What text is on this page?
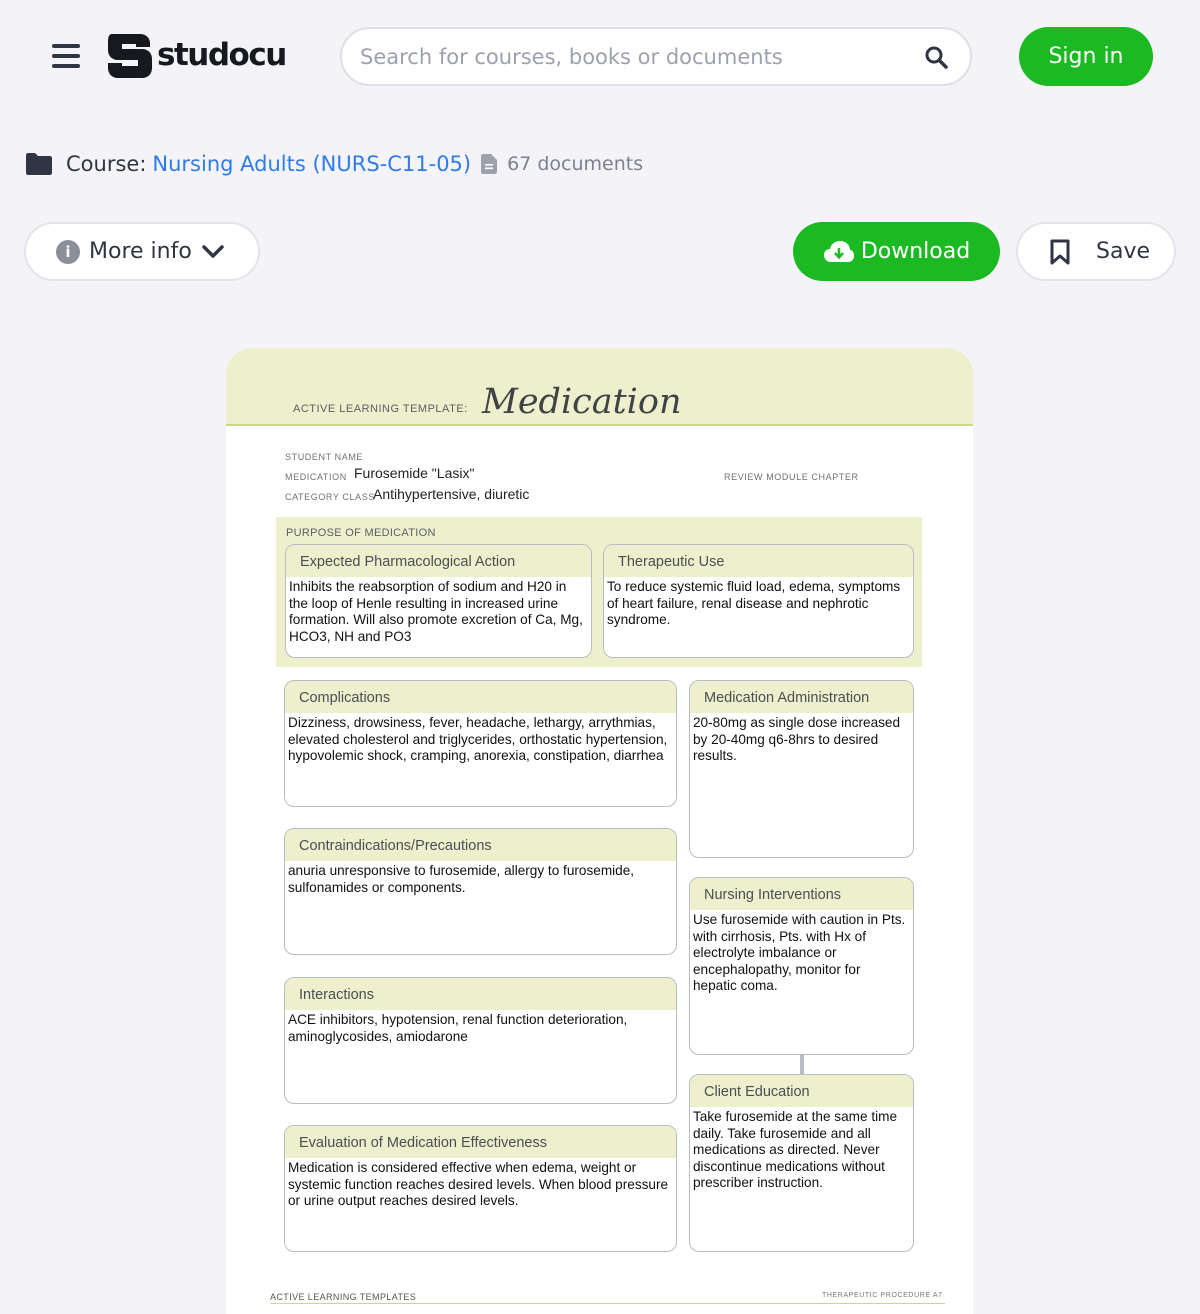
studocu
Search for courses, books or documents	Sign in
Course: Nursing Adults (NURS-C11-05) 67 documents
i More info	Download	Save
ACTIVE LEARNING TEMPLATE: Medication
STUDENT NAME
MEDICATION Furosemide "Lasix"
CATEGORY CLASS
Antihypertensive, diuretic
REVIEW MODULE CHAPTER
PURPOSE OF MEDICATION
Expected Pharmacological Action
Inhibits the reabsorption of sodium and H20 in the loop of Henle resulting in increased urine formation. Will also promote excretion of Ca, Mg, HCO3, NH and PO3
Therapeutic Use
To reduce systemic fluid load, edema, symptoms of heart failure, renal disease and nephrotic syndrome.
Complications
Dizziness, drowsiness, fever, headache, lethargy, arrythmias, elevated cholesterol and triglycerides, orthostatic hypertension, hypovolemic shock, cramping, anorexia, constipation, diarrhea
Medication Administration
20-80mg as single dose increased by 20-40mg q6-8hrs to desired results.
Contraindications/Precautions
anuria unresponsive to furosemide, allergy to furosemide, sulfonamides or components.	Nursing Interventions
Use furosemide with caution in Pts. with cirrhosis, Pts. with Hx of electrolyte imbalance or encephalopathy, monitor for hepatic coma.
Interactions
ACE inhibitors, hypotension, renal function deterioration, aminoglycosides, amiodarone
Client Education
Take furosemide at the same time daily. Take furosemide and all medications as directed. Never discontinue medications without prescriber instruction.
Evaluation of Medication Effectiveness
Medication is considered effective when edema, weight or systemic function reaches desired levels. When blood pressure or urine output reaches desired levels.
ACTIVE LEARNING TEMPLATES	THERAPEUTIC PROCEDURE A7
